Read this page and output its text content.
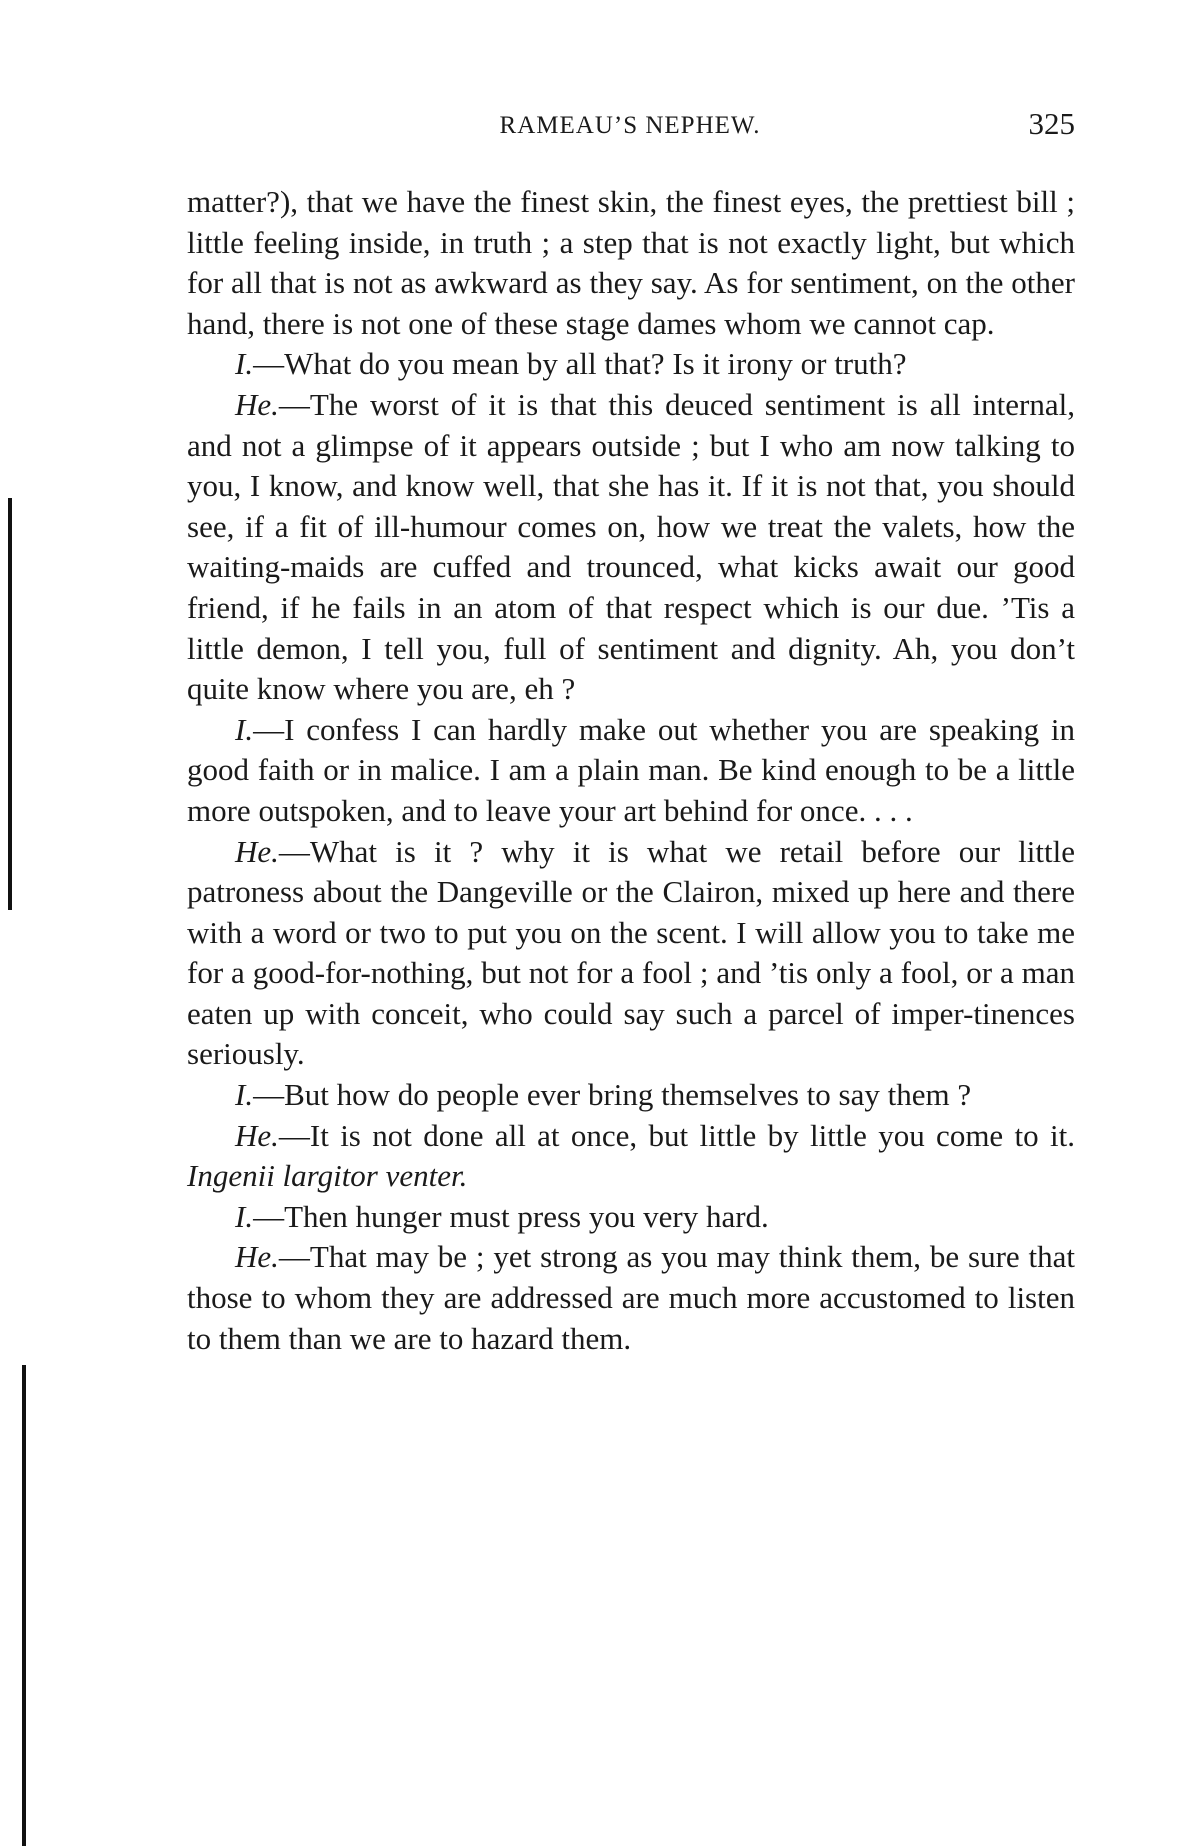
RAMEAU’S NEPHEW.	325

matter?), that we have the finest skin, the finest eyes, the prettiest bill ; little feeling inside, in truth ; a step that is not exactly light, but which for all that is not as awkward as they say. As for sentiment, on the other hand, there is not one of these stage dames whom we cannot cap.

I.—What do you mean by all that? Is it irony or truth?

He.—The worst of it is that this deuced sentiment is all internal, and not a glimpse of it appears outside ; but I who am now talking to you, I know, and know well, that she has it. If it is not that, you should see, if a fit of ill-humour comes on, how we treat the valets, how the waiting-maids are cuffed and trounced, what kicks await our good friend, if he fails in an atom of that respect which is our due. ’Tis a little demon, I tell you, full of sentiment and dignity. Ah, you don’t quite know where you are, eh ?

I.—I confess I can hardly make out whether you are speaking in good faith or in malice. I am a plain man. Be kind enough to be a little more outspoken, and to leave your art behind for once. . . .

He.—What is it ? why it is what we retail before our little patroness about the Dangeville or the Clairon, mixed up here and there with a word or two to put you on the scent. I will allow you to take me for a good-for-nothing, but not for a fool ; and ’tis only a fool, or a man eaten up with conceit, who could say such a parcel of imper-tinences seriously.

I.—But how do people ever bring themselves to say them ?

He.—It is not done all at once, but little by little you come to it. Ingenii largitor venter.

I.—Then hunger must press you very hard.

He.—That may be ; yet strong as you may think them, be sure that those to whom they are addressed are much more accustomed to listen to them than we are to hazard them.
